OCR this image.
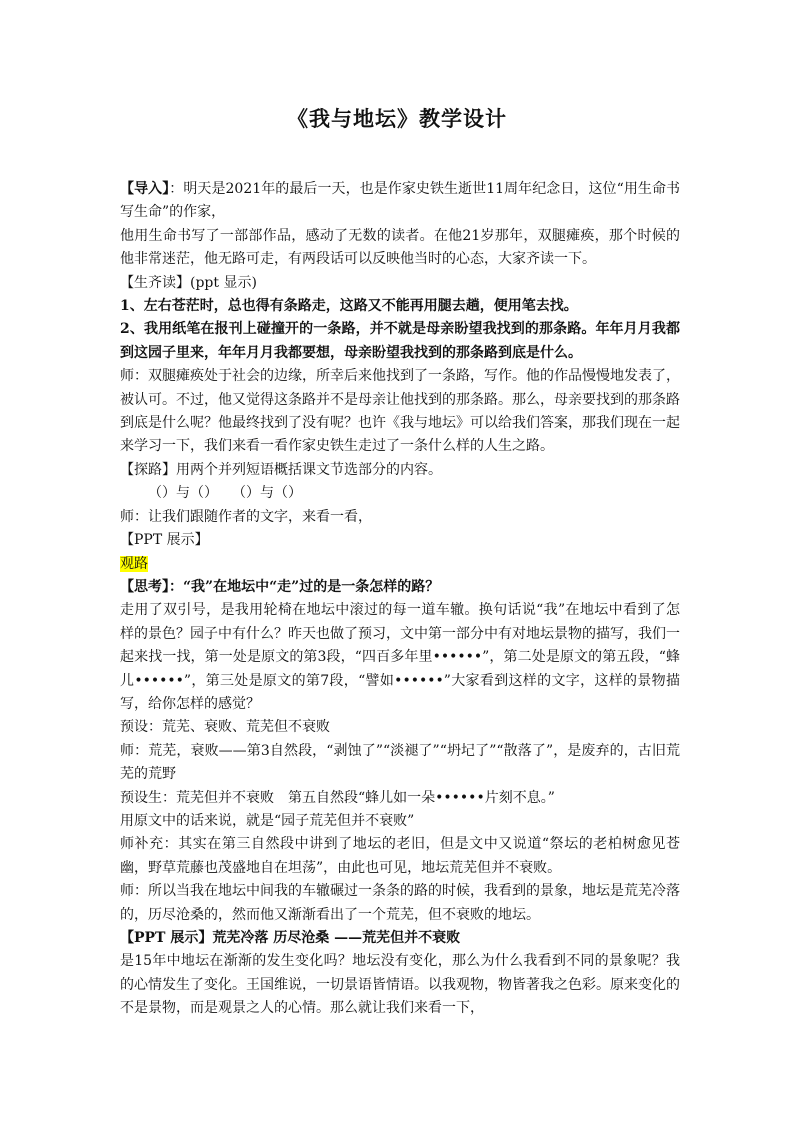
《我与地坛》教学设计

【导入】：明天是2021年的最后一天，也是作家史铁生逝世11周年纪念日，这位“用生命书写生命”的作家，

他用生命书写了一部部作品，感动了无数的读者。在他21岁那年，双腿瘫痪，那个时候的他非常迷茫，他无路可走，有两段话可以反映他当时的心态，大家齐读一下。

【生齐读】(ppt 显示)

1、左右苍茫时，总也得有条路走，这路又不能再用腿去趟，便用笔去找。

2、我用纸笔在报刊上碰撞开的一条路，并不就是母亲盼望我找到的那条路。年年月月我都到这园子里来，年年月月我都要想，母亲盼望我找到的那条路到底是什么。

师：双腿瘫痪处于社会的边缘，所幸后来他找到了一条路，写作。他的作品慢慢地发表了，被认可。不过，他又觉得这条路并不是母亲让他找到的那条路。那么，母亲要找到的那条路到底是什么呢？他最终找到了没有呢？也许《我与地坛》可以给我们答案，那我们现在一起来学习一下，我们来看一看作家史铁生走过了一条什么样的人生之路。

【探路】用两个并列短语概括课文节选部分的内容。

（）与（）　　（）与（）

师：让我们跟随作者的文字，来看一看，

【PPT 展示】

观路

【思考】：“我”在地坛中“走”过的是一条怎样的路？

走用了双引号，是我用轮椅在地坛中滚过的每一道车辙。换句话说“我”在地坛中看到了怎样的景色？园子中有什么？昨天也做了预习，文中第一部分中有对地坛景物的描写，我们一起来找一找，第一处是原文的第3段，“四百多年里••••••”，第二处是原文的第五段，“蜂儿••••••”，第三处是原文的第7段，“譬如••••••”大家看到这样的文字，这样的景物描写，给你怎样的感觉？

预设：荒芜、衰败、荒芜但不衰败

师：荒芜，衰败——第3自然段，“剥蚀了”“淡褪了”“坍圮了”“散落了”，是废弃的，古旧荒芜的荒野

预设生：荒芜但并不衰败　第五自然段“蜂儿如一朵••••••片刻不息。”

用原文中的话来说，就是“园子荒芜但并不衰败”

师补充：其实在第三自然段中讲到了地坛的老旧，但是文中又说道“祭坛的老柏树愈见苍幽，野草荒藤也茂盛地自在坦荡”，由此也可见，地坛荒芜但并不衰败。

师：所以当我在地坛中间我的车辙碾过一条条的路的时候，我看到的景象，地坛是荒芜冷落的，历尽沧桑的，然而他又渐渐看出了一个荒芜，但不衰败的地坛。

【PPT 展示】荒芜冷落 历尽沧桑 ——荒芜但并不衰败

是15年中地坛在渐渐的发生变化吗？地坛没有变化，那么为什么我看到不同的景象呢？我的心情发生了变化。王国维说，一切景语皆情语。以我观物，物皆著我之色彩。原来变化的不是景物，而是观景之人的心情。那么就让我们来看一下，
